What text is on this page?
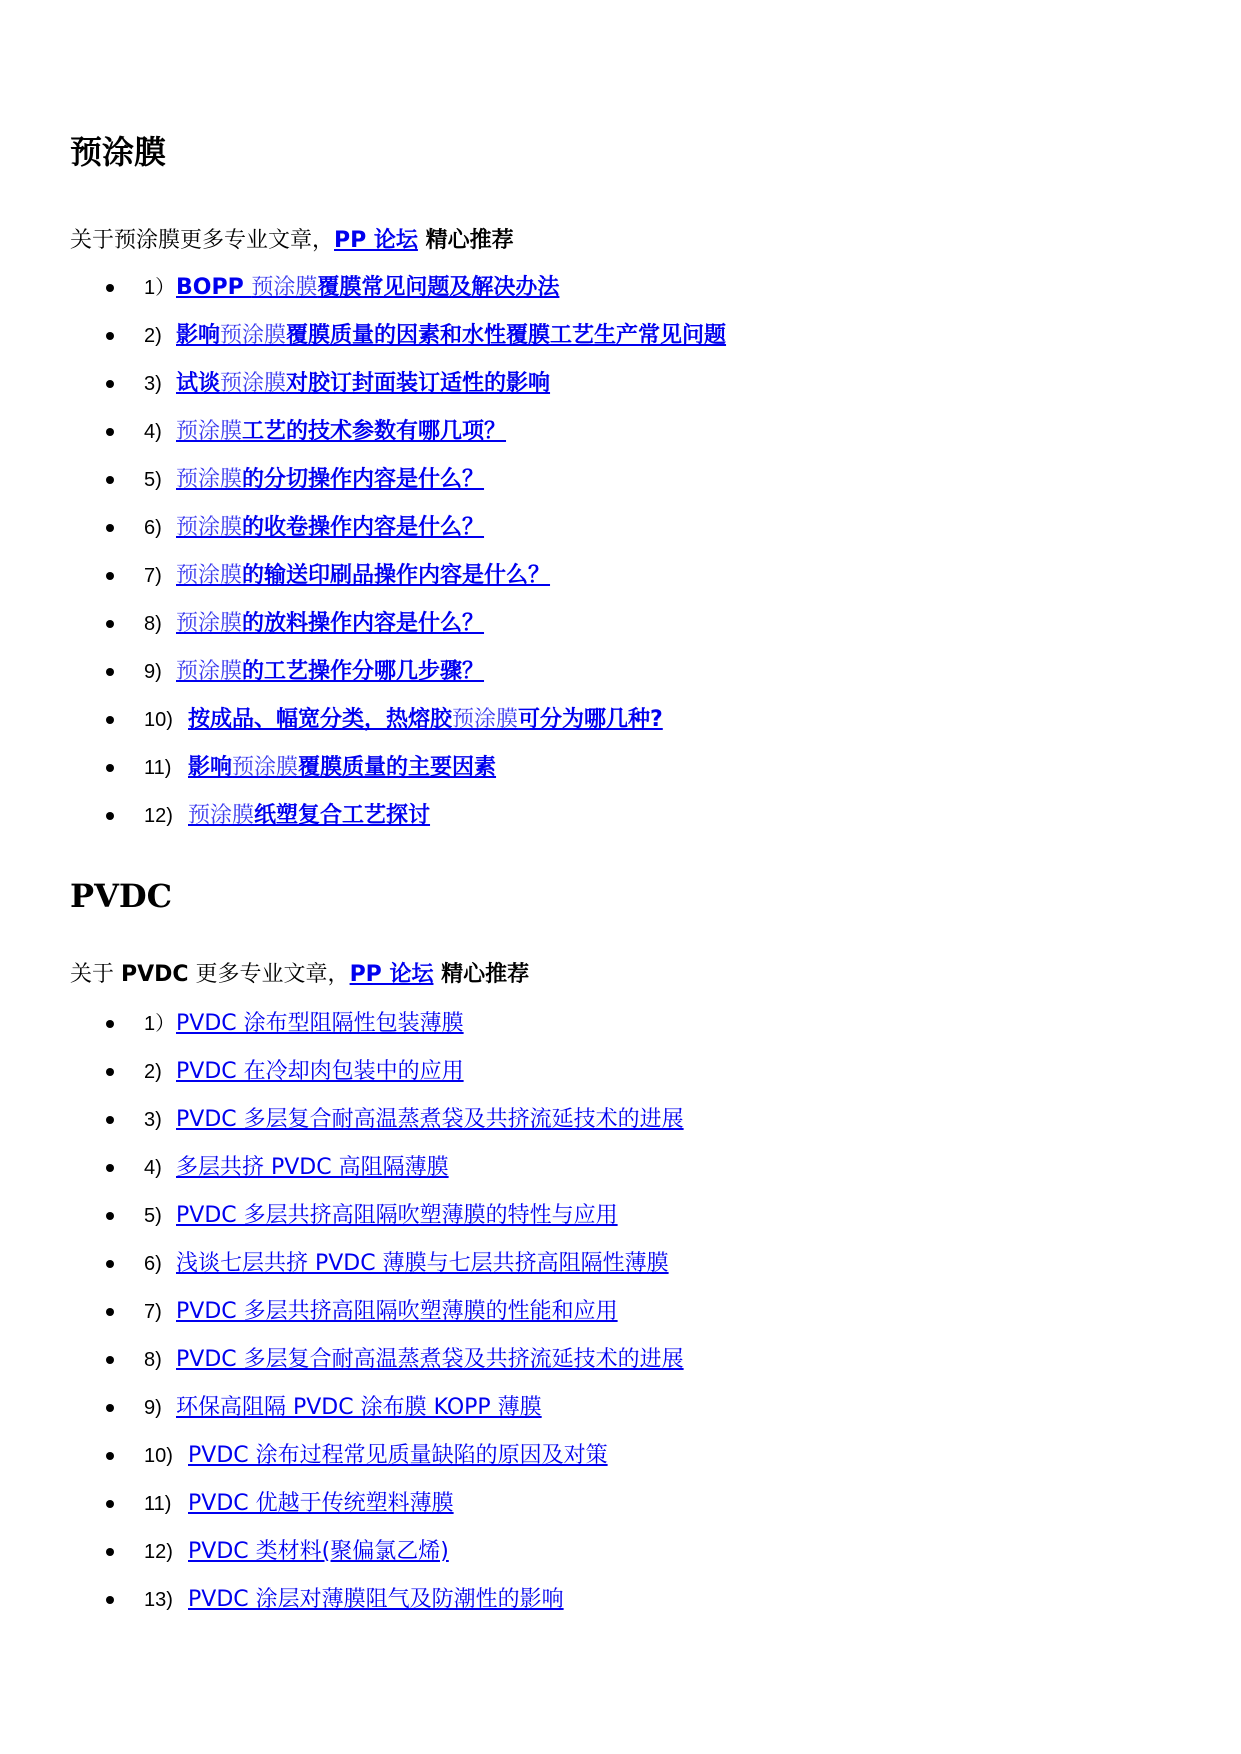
预涂膜
关于预涂膜更多专业文章，PP 论坛 精心推荐
1） BOPP 预涂膜覆膜常见问题及解决办法
2) 影响预涂膜覆膜质量的因素和水性覆膜工艺生产常见问题
3) 试谈预涂膜对胶订封面装订适性的影响
4) 预涂膜工艺的技术参数有哪几项？
5) 预涂膜的分切操作内容是什么？
6) 预涂膜的收卷操作内容是什么？
7) 预涂膜的输送印刷品操作内容是什么？
8) 预涂膜的放料操作内容是什么？
9) 预涂膜的工艺操作分哪几步骤？
10) 按成品、幅宽分类，热熔胶预涂膜可分为哪几种?
11) 影响预涂膜覆膜质量的主要因素
12) 预涂膜纸塑复合工艺探讨
PVDC
关于 PVDC 更多专业文章，PP 论坛 精心推荐
1） PVDC 涂布型阻隔性包装薄膜
2) PVDC 在冷却肉包装中的应用
3) PVDC 多层复合耐高温蒸煮袋及共挤流延技术的进展
4) 多层共挤 PVDC 高阻隔薄膜
5) PVDC 多层共挤高阻隔吹塑薄膜的特性与应用
6) 浅谈七层共挤 PVDC 薄膜与七层共挤高阻隔性薄膜
7) PVDC 多层共挤高阻隔吹塑薄膜的性能和应用
8) PVDC 多层复合耐高温蒸煮袋及共挤流延技术的进展
9) 环保高阻隔 PVDC 涂布膜 KOPP 薄膜
10) PVDC 涂布过程常见质量缺陷的原因及对策
11) PVDC 优越于传统塑料薄膜
12) PVDC 类材料(聚偏氯乙烯)
13) PVDC 涂层对薄膜阻气及防潮性的影响
